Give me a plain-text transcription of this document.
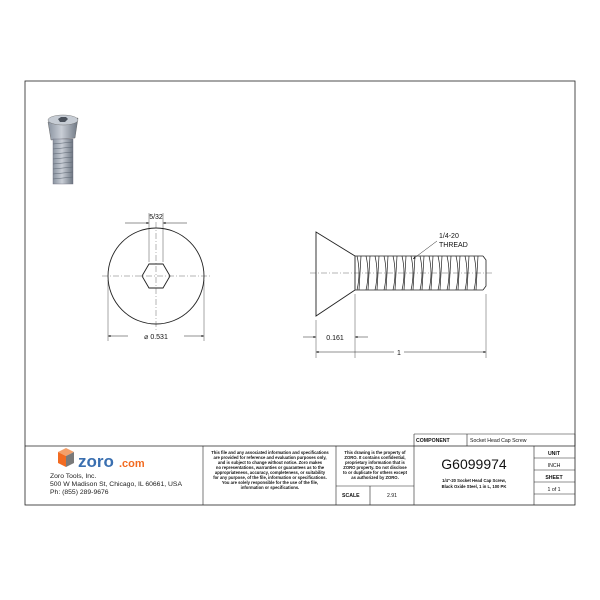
5/32
⌀ 0.531
1/4-20
THREAD
0.161
1
COMPONENT	Socket Head Cap Screw
UNIT
INCH
SHEET
1 of 1
G6099974
1/4"-20 Socket Head Cap Screw,
Black Oxide Steel, 1 in L, 100 PK
SCALE	2.91
This drawing is the property of
ZORO. It contains confidential,
proprietary information that is
ZORO property. Do not disclose
to or duplicate for others except
as authorized by ZORO.
This file and any associated information and specifications
are provided for reference and evaluation purposes only,
and is subject to change without notice. Zoro makes
no representations, warranties or guarantees as to the
appropriateness, accuracy, completeness, or suitability
for any purpose, of the file, information or specifications.
You are solely responsible for the use of the file,
information or specifications.
zoro .com
Zoro Tools, Inc.
500 W Madison St, Chicago, IL 60661, USA
Ph: (855) 289-9676
